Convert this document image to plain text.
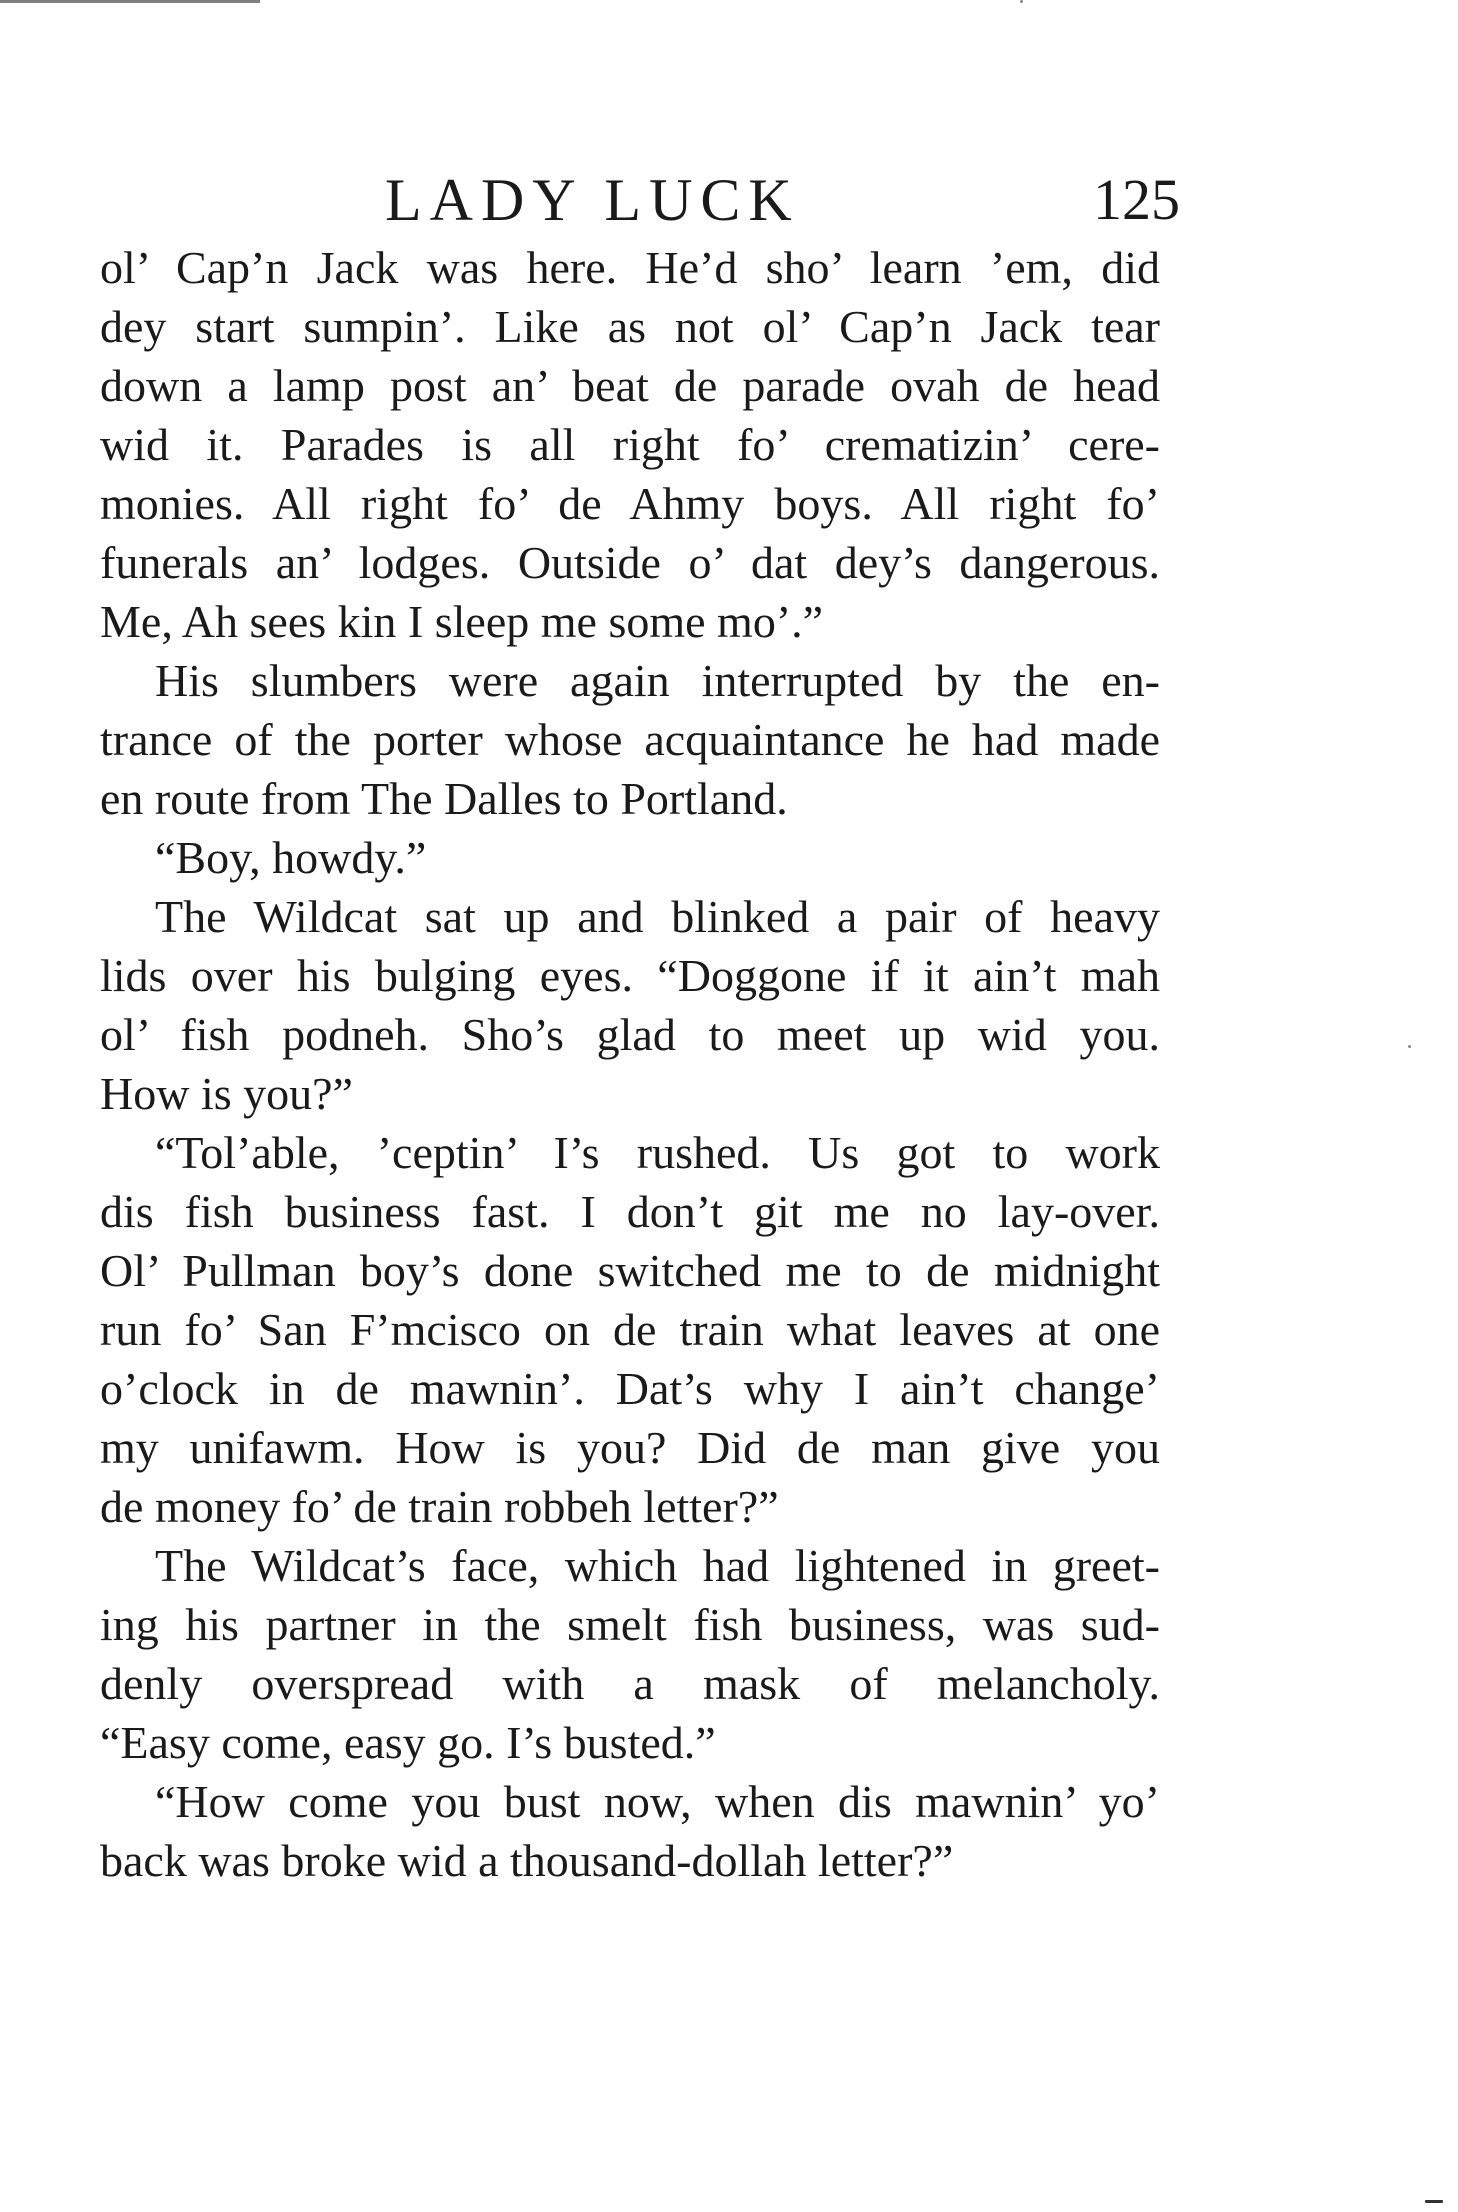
LADY LUCK	125
ol’ Cap’n Jack was here. He’d sho’ learn ’em, did
dey start sumpin’. Like as not ol’ Cap’n Jack tear
down a lamp post an’ beat de parade ovah de head
wid it. Parades is all right fo’ crematizin’ cere-
monies. All right fo’ de Ahmy boys. All right fo’
funerals an’ lodges. Outside o’ dat dey’s dangerous.
Me, Ah sees kin I sleep me some mo’.”
His slumbers were again interrupted by the en-
trance of the porter whose acquaintance he had made
en route from The Dalles to Portland.
“Boy, howdy.”
The Wildcat sat up and blinked a pair of heavy
lids over his bulging eyes. “Doggone if it ain’t mah
ol’ fish podneh. Sho’s glad to meet up wid you.
How is you?”
“Tol’able, ’ceptin’ I’s rushed. Us got to work
dis fish business fast. I don’t git me no lay-over.
Ol’ Pullman boy’s done switched me to de midnight
run fo’ San F’mcisco on de train what leaves at one
o’clock in de mawnin’. Dat’s why I ain’t change’
my unifawm. How is you? Did de man give you
de money fo’ de train robbeh letter?”
The Wildcat’s face, which had lightened in greet-
ing his partner in the smelt fish business, was sud-
denly overspread with a mask of melancholy.
“Easy come, easy go. I’s busted.”
“How come you bust now, when dis mawnin’ yo’
back was broke wid a thousand-dollah letter?”
